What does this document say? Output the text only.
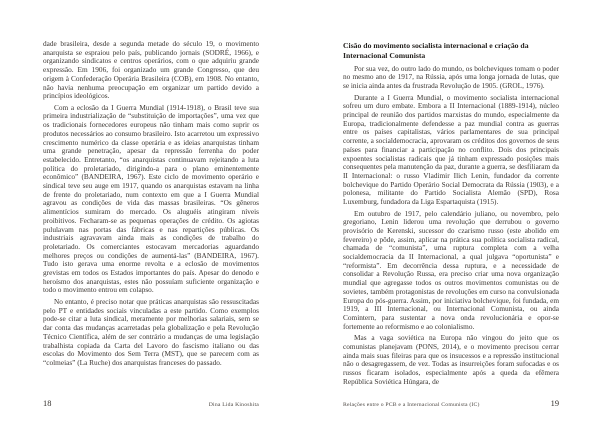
dade brasileira, desde a segunda metade do século 19, o movimento anarquista se espraiou pelo país, publicando jornais (SODRÉ, 1966), e organizando sindicatos e centros operários, com o que adquiriu grande expressão. Em 1906, foi organizado um grande Congresso, que deu origem à Confederação Operária Brasileira (COB), em 1908. No entanto, não havia nenhuma preocupação em organizar um partido devido a princípios ideológicos.

Com a eclosão da I Guerra Mundial (1914-1918), o Brasil teve sua primeira industrialização de “substituição de importações”, uma vez que os tradicionais fornecedores europeus não tinham mais como suprir os produtos necessários ao consumo brasileiro. Isto acarretou um expressivo crescimento numérico da classe operária e as ideias anarquistas tinham uma grande penetração, apesar da repressão ferrenha do poder estabelecido. Entretanto, “os anarquistas continuavam rejeitando a luta política do proletariado, dirigindo-a para o plano eminentemente econômico” (BANDEIRA, 1967). Este ciclo de movimento operário e sindical teve seu auge em 1917, quando os anarquistas estavam na linha de frente do proletariado, num contexto em que a I Guerra Mundial agravou as condições de vida das massas brasileiras. “Os gêneros alimentícios sumiram do mercado. Os aluguéis atingiram níveis proibitivos. Fecharam-se as pequenas operações de crédito. Os agiotas pululavam nas portas das fábricas e nas repartições públicas. Os industriais agravavam ainda mais as condições de trabalho do proletariado. Os comerciantes estocavam mercadorias aguardando melhores preços ou condições de aumentá-las” (BANDEIRA, 1967). Tudo isto gerava uma enorme revolta e a eclosão de movimentos grevistas em todos os Estados importantes do país. Apesar do denodo e heroísmo dos anarquistas, estes não possuíam suficiente organização e todo o movimento entrou em colapso.

No entanto, é preciso notar que práticas anarquistas são ressuscitadas pelo PT e entidades sociais vinculadas a este partido. Como exemplos pode-se citar a luta sindical, meramente por melhorias salariais, sem se dar conta das mudanças acarretadas pela globalização e pela Revolução Técnico Científica, além de ser contrário a mudanças de uma legislação trabalhista copiada da Carta del Lavoro do fascismo italiano ou das escolas do Movimento dos Sem Terra (MST), que se parecem com as “colmeias” (La Ruche) dos anarquistas franceses do passado.

18	Dina Lida Kinoshita
Cisão do movimento socialista internacional e criação da Internacional Comunista

Por sua vez, do outro lado do mundo, os bolcheviques tomam o poder no mesmo ano de 1917, na Rússia, após uma longa jornada de lutas, que se inicia ainda antes da frustrada Revolução de 1905. (GROL, 1976).

Durante a I Guerra Mundial, o movimento socialista internacional sofreu um duro embate. Embora a II Internacional (1889-1914), núcleo principal de reunião dos partidos marxistas do mundo, especialmente da Europa, tradicionalmente defendesse a paz mundial contra as guerras entre os países capitalistas, vários parlamentares de sua principal corrente, a socialdemocracia, aprovaram os créditos dos governos de seus países para financiar a participação no conflito. Dois dos principais expoentes socialistas radicais que já tinham expressado posições mais consequentes pela manutenção da paz, durante a guerra, se desfiliaram da II Internacional: o russo Vladimir Ilich Lenin, fundador da corrente bolchevique do Partido Operário Social Democrata da Rússia (1903), e a polonesa, militante do Partido Socialista Alemão (SPD), Rosa Luxemburg, fundadora da Liga Espartaquista (1915).

Em outubro de 1917, pelo calendário juliano, ou novembro, pelo gregoriano, Lenin liderou uma revolução que derrubou o governo provisório de Kerenski, sucessor do czarismo russo (este abolido em fevereiro) e pôde, assim, aplicar na prática sua política socialista radical, chamada de “comunista”, uma ruptura completa com a velha socialdemocracia da II Internacional, a qual julgava “oportunista” e “reformista”. Em decorrência dessa ruptura, e a necessidade de consolidar a Revolução Russa, era preciso criar uma nova organização mundial que agregasse todos os outros movimentos comunistas ou de sovietes, também protagonistas de revoluções em curso na convulsionada Europa do pós-guerra. Assim, por iniciativa bolchevique, foi fundada, em 1919, a III Internacional, ou Internacional Comunista, ou ainda Comintern, para sustentar a nova onda revolucionária e opor-se fortemente ao reformismo e ao colonialismo.

Mas a vaga soviética na Europa não vingou do jeito que os comunistas planejavam (PONS, 2014), e o movimento precisou cerrar ainda mais suas fileiras para que os insucessos e a repressão institucional não o desagregassem, de vez. Todas as insurreições foram sufocadas e os russos ficaram isolados, especialmente após a queda da efêmera República Soviética Húngara, de

Relações entre o PCB e a Internacional Comunista (IC)	19
